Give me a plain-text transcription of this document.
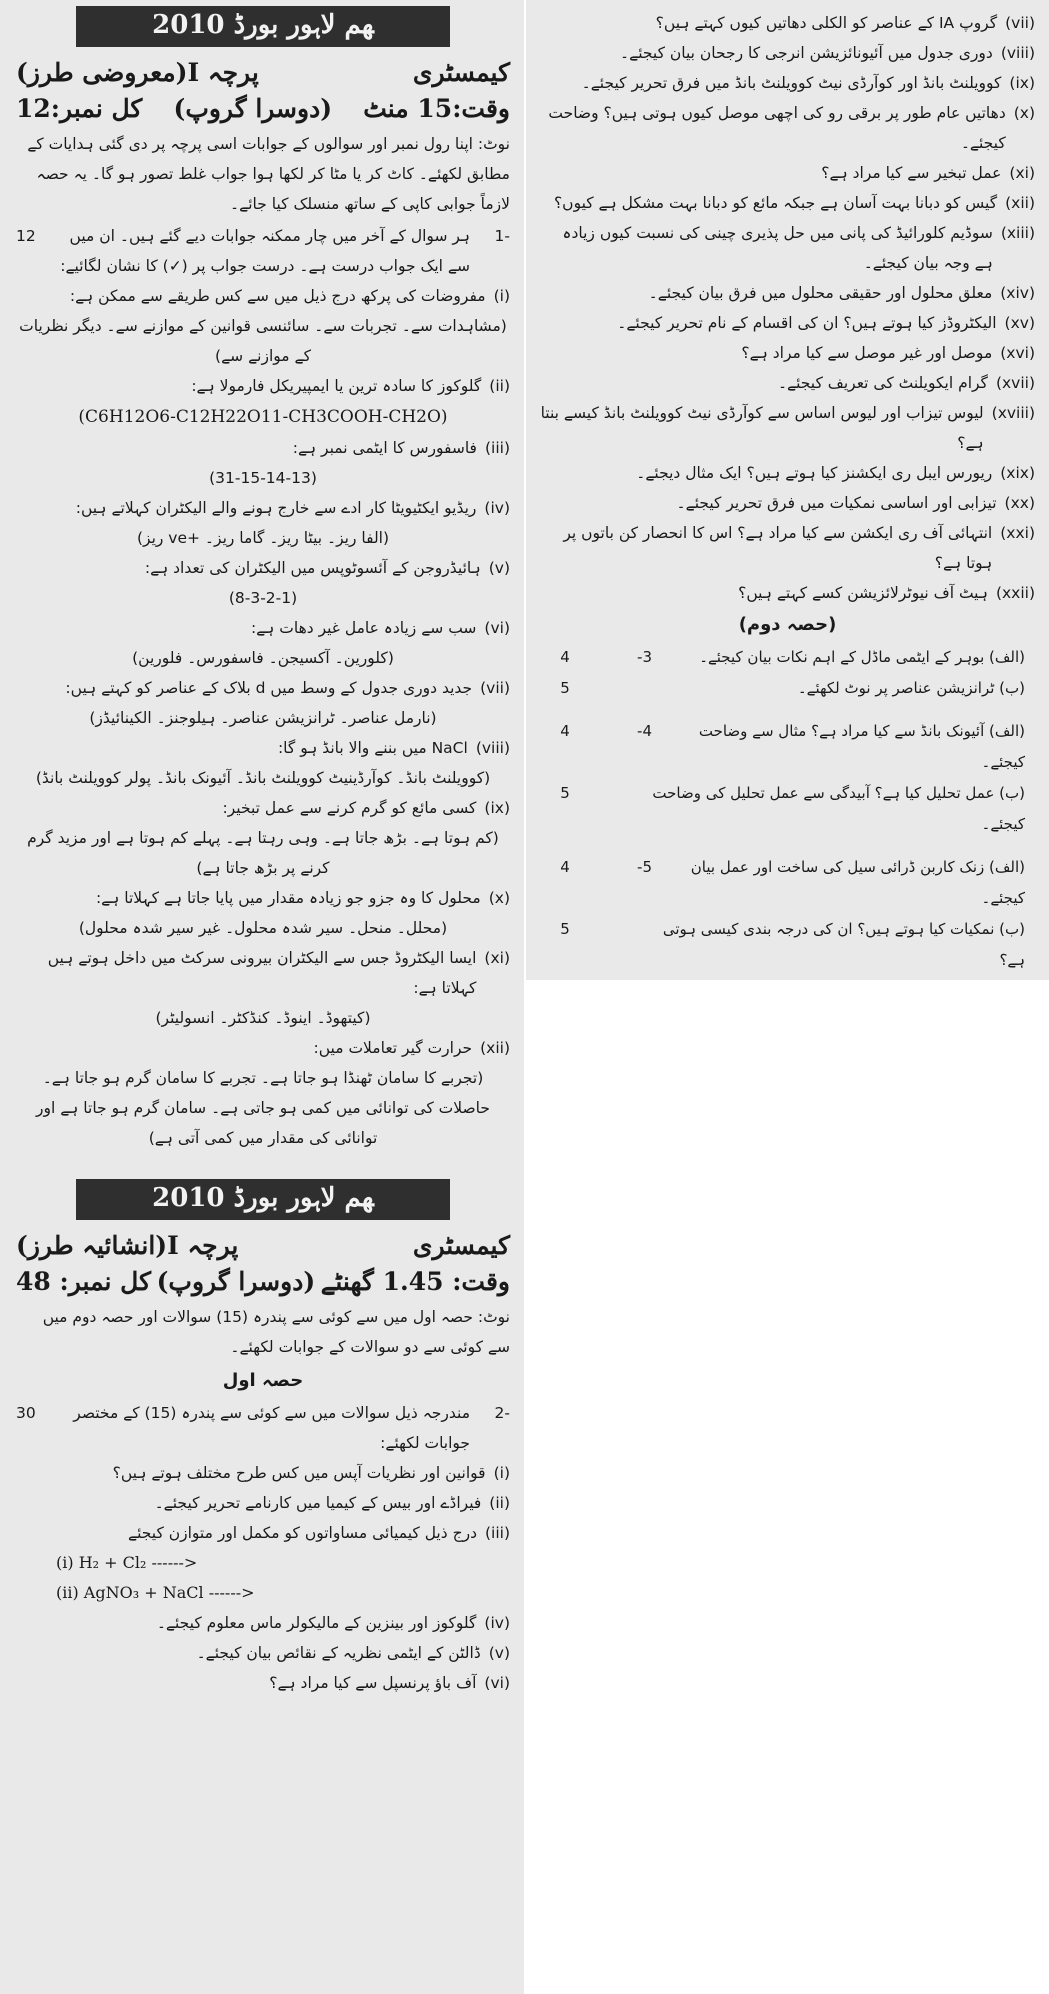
ﻬﻢ ﻻﮨﻮﺭ ﺑﻮﺭﮈ 2010
کیمسٹری
پرچہ I(معروضی طرز)
وقت:15 منٹ
(دوسرا گروپ)
کل نمبر:12
نوٹ: اپنا رول نمبر اور سوالوں کے جوابات اسی پرچہ پر دی گئی ہدایات کے مطابق لکھئے۔ کاٹ کر یا مٹا کر لکھا ہوا جواب غلط تصور ہو گا۔ یہ حصہ لازماً جوابی کاپی کے ساتھ منسلک کیا جائے۔
-1
ہر سوال کے آخر میں چار ممکنہ جوابات دیے گئے ہیں۔ ان میں سے ایک جواب درست ہے۔ درست جواب پر (✓) کا نشان لگائیے:
12
(i)
مفروضات کی پرکھ درج ذیل میں سے کس طریقے سے ممکن ہے:
(مشاہدات سے۔ تجربات سے۔ سائنسی قوانین کے موازنے سے۔ دیگر نظریات کے موازنے سے)
(ii)
گلوکوز کا سادہ ترین یا ایمپیریکل فارمولا ہے:
(C6H12O6-C12H22O11-CH3COOH-CH2O)
(iii)
فاسفورس کا ایٹمی نمبر ہے:
(31-15-14-13)
(iv)
ریڈیو ایکٹیویٹا کار ادے سے خارج ہونے والے الیکٹران کہلاتے ہیں:
(الفا ریز۔ بیٹا ریز۔ گاما ریز۔ +ve ریز)
(v)
ہائیڈروجن کے آئسوٹوپس میں الیکٹران کی تعداد ہے:
(8-3-2-1)
(vi)
سب سے زیادہ عامل غیر دھات ہے:
(کلورین۔ آکسیجن۔ فاسفورس۔ فلورین)
(vii)
جدید دوری جدول کے وسط میں d بلاک کے عناصر کو کہتے ہیں:
(نارمل عناصر۔ ٹرانزیشن عناصر۔ ہیلوجنز۔ الکینائیڈز)
(viii)
NaCl میں بننے والا بانڈ ہو گا:
(کوویلنٹ بانڈ۔ کوآرڈینیٹ کوویلنٹ بانڈ۔ آئیونک بانڈ۔ پولر کوویلنٹ بانڈ)
(ix)
کسی مائع کو گرم کرنے سے عمل تبخیر:
(کم ہوتا ہے۔ بڑھ جاتا ہے۔ وہی رہتا ہے۔ پہلے کم ہوتا ہے اور مزید گرم کرنے پر بڑھ جاتا ہے)
(x)
محلول کا وہ جزو جو زیادہ مقدار میں پایا جاتا ہے کہلاتا ہے:
(محلل۔ منحل۔ سیر شدہ محلول۔ غیر سیر شدہ محلول)
(xi)
ایسا الیکٹروڈ جس سے الیکٹران بیرونی سرکٹ میں داخل ہوتے ہیں کہلاتا ہے:
(کیتھوڈ۔ اینوڈ۔ کنڈکٹر۔ انسولیٹر)
(xii)
حرارت گیر تعاملات میں:
(تجربے کا سامان ٹھنڈا ہو جاتا ہے۔ تجربے کا سامان گرم ہو جاتا ہے۔ حاصلات کی توانائی میں کمی ہو جاتی ہے۔ سامان گرم ہو جاتا ہے اور توانائی کی مقدار میں کمی آتی ہے)
ﻬﻢ ﻻﮨﻮﺭ ﺑﻮﺭﮈ 2010
کیمسٹری
پرچہ I(انشائیہ طرز)
وقت: 1.45 گھنٹے
(دوسرا گروپ)
کل نمبر: 48
نوٹ: حصہ اول میں سے کوئی سے پندرہ (15) سوالات اور حصہ دوم میں سے کوئی سے دو سوالات کے جوابات لکھئے۔
حصہ اول
-2
مندرجہ ذیل سوالات میں سے کوئی سے پندرہ (15) کے مختصر جوابات لکھئے:
30
(i)
قوانین اور نظریات آپس میں کس طرح مختلف ہوتے ہیں؟
(ii)
فیراڈے اور بیس کے کیمیا میں کارنامے تحریر کیجئے۔
(iii)
درج ذیل کیمیائی مساواتوں کو مکمل اور متوازن کیجئے
(i) H₂ + Cl₂ ------>
(ii) AgNO₃ + NaCl ------>
(iv)
گلوکوز اور بینزین کے مالیکولر ماس معلوم کیجئے۔
(v)
ڈالٹن کے ایٹمی نظریہ کے نقائص بیان کیجئے۔
(vi)
آف باؤ پرنسپل سے کیا مراد ہے؟
(vii)
گروپ IA کے عناصر کو الکلی دھاتیں کیوں کہتے ہیں؟
(viii)
دوری جدول میں آئیونائزیشن انرجی کا رجحان بیان کیجئے۔
(ix)
کوویلنٹ بانڈ اور کوآرڈی نیٹ کوویلنٹ بانڈ میں فرق تحریر کیجئے۔
(x)
دھاتیں عام طور پر برقی رو کی اچھی موصل کیوں ہوتی ہیں؟ وضاحت کیجئے۔
(xi)
عمل تبخیر سے کیا مراد ہے؟
(xii)
گیس کو دبانا بہت آسان ہے جبکہ مائع کو دبانا بہت مشکل ہے کیوں؟
(xiii)
سوڈیم کلورائیڈ کی پانی میں حل پذیری چینی کی نسبت کیوں زیادہ ہے وجہ بیان کیجئے۔
(xiv)
معلق محلول اور حقیقی محلول میں فرق بیان کیجئے۔
(xv)
الیکٹروڈز کیا ہوتے ہیں؟ ان کی اقسام کے نام تحریر کیجئے۔
(xvi)
موصل اور غیر موصل سے کیا مراد ہے؟
(xvii)
گرام ایکویلنٹ کی تعریف کیجئے۔
(xviii)
لیوس تیزاب اور لیوس اساس سے کوآرڈی نیٹ کوویلنٹ بانڈ کیسے بنتا ہے؟
(xix)
ریورس ایبل ری ایکشنز کیا ہوتے ہیں؟ ایک مثال دیجئے۔
(xx)
تیزابی اور اساسی نمکیات میں فرق تحریر کیجئے۔
(xxi)
انتہائی آف ری ایکشن سے کیا مراد ہے؟ اس کا انحصار کن باتوں پر ہوتا ہے؟
(xxii)
ہیٹ آف نیوٹرلائزیشن کسے کہتے ہیں؟
(حصہ دوم)
(الف) بوہر کے ایٹمی ماڈل کے اہم نکات بیان کیجئے۔
-3
4
(ب) ٹرانزیشن عناصر پر نوٹ لکھئے۔
5
(الف) آئیونک بانڈ سے کیا مراد ہے؟ مثال سے وضاحت کیجئے۔
-4
4
(ب) عمل تحلیل کیا ہے؟ آبیدگی سے عمل تحلیل کی وضاحت کیجئے۔
5
(الف) زنک کاربن ڈرائی سیل کی ساخت اور عمل بیان کیجئے۔
-5
4
(ب) نمکیات کیا ہوتے ہیں؟ ان کی درجہ بندی کیسی ہوتی ہے؟
5
